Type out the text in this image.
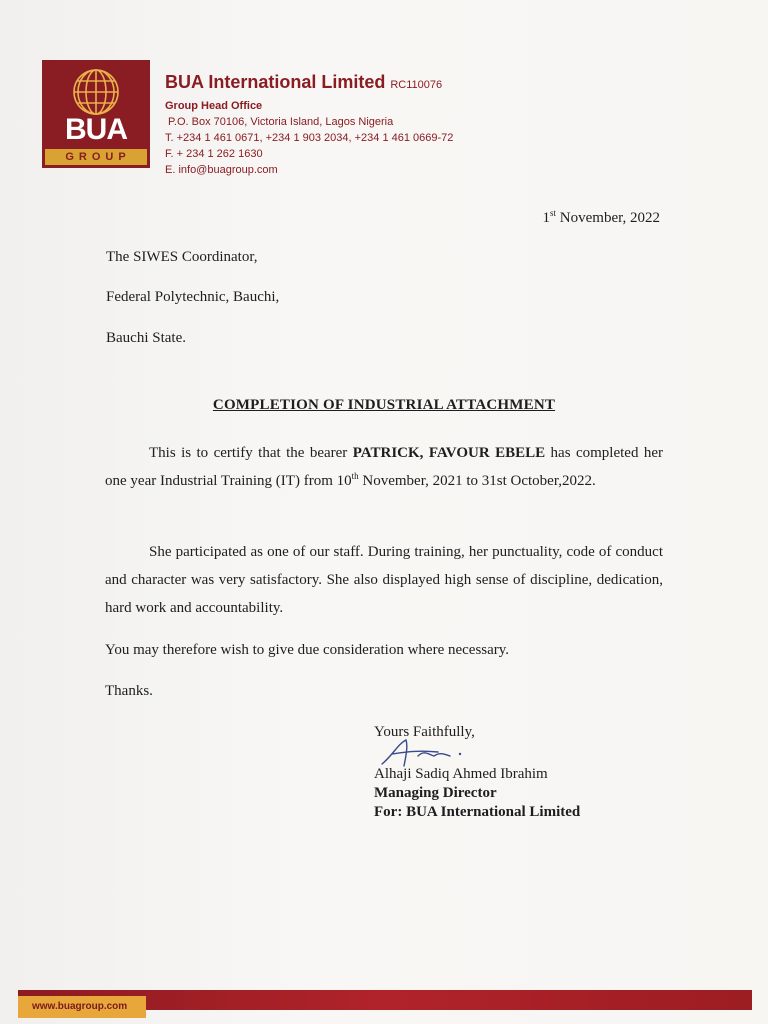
BUA
GROUP
BUA International Limited RC110076
Group Head Office
P.O. Box 70106, Victoria Island, Lagos Nigeria
T. +234 1 461 0671, +234 1 903 2034, +234 1 461 0669-72
F. + 234 1 262 1630
E. info@buagroup.com
1st November, 2022
The SIWES Coordinator,
Federal Polytechnic, Bauchi,
Bauchi State.
COMPLETION OF INDUSTRIAL ATTACHMENT
This is to certify that the bearer PATRICK, FAVOUR EBELE has completed her one year Industrial Training (IT) from 10th November, 2021 to 31st October,2022.
She participated as one of our staff. During training, her punctuality, code of conduct and character was very satisfactory. She also displayed high sense of discipline, dedication, hard work and accountability.
You may therefore wish to give due consideration where necessary.
Thanks.
Yours Faithfully,
Alhaji Sadiq Ahmed Ibrahim
Managing Director
For: BUA International Limited
www.buagroup.com
